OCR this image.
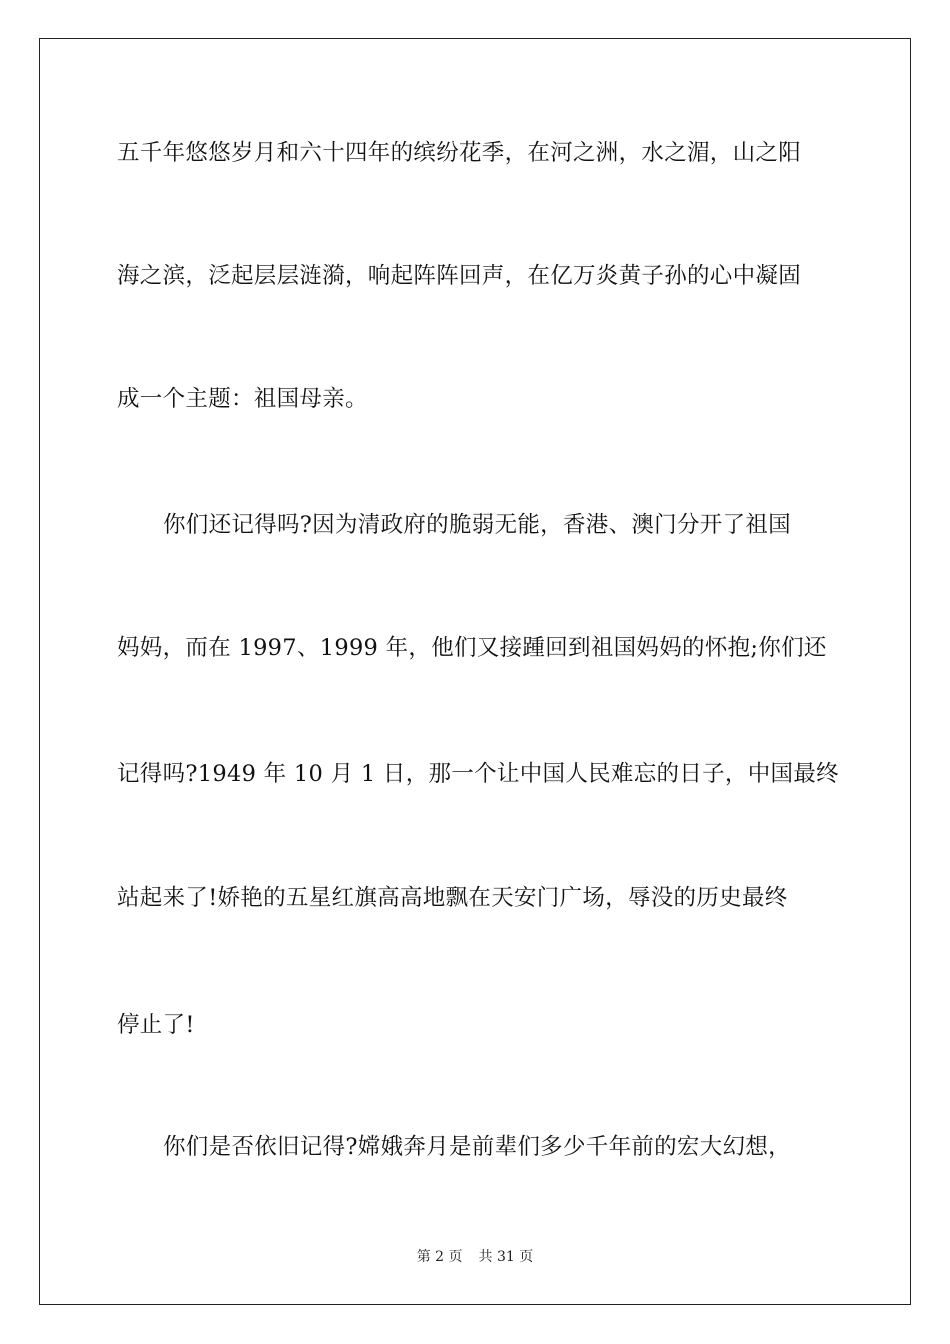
五千年悠悠岁月和六十四年的缤纷花季，在河之洲，水之湄，山之阳
海之滨，泛起层层涟漪，响起阵阵回声，在亿万炎黄子孙的心中凝固
成一个主题：祖国母亲。
你们还记得吗?因为清政府的脆弱无能，香港、澳门分开了祖国
妈妈，而在 1997、1999 年，他们又接踵回到祖国妈妈的怀抱;你们还
记得吗?1949 年 10 月 1 日，那一个让中国人民难忘的日子，中国最终
站起来了!娇艳的五星红旗高高地飘在天安门广场，辱没的历史最终
停止了!
你们是否依旧记得?嫦娥奔月是前辈们多少千年前的宏大幻想，
第 2 页 共 31 页
